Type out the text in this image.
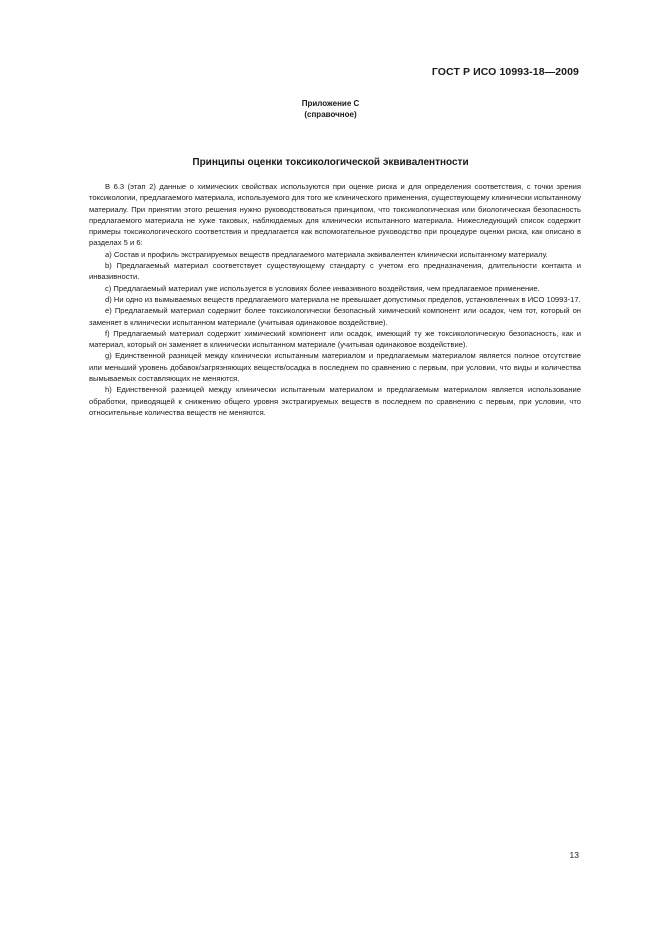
ГОСТ Р ИСО 10993-18—2009
Приложение С
(справочное)
Принципы оценки токсикологической эквивалентности

В 6.3 (этап 2) данные о химических свойствах используются при оценке риска и для определения соответствия, с точки зрения токсикологии, предлагаемого материала, используемого для того же клинического применения, существующему клинически испытанному материалу. При принятии этого решения нужно руководствоваться принципом, что токсикологическая или биологическая безопасность предлагаемого материала не хуже таковых, наблюдаемых для клинически испытанного материала. Нижеследующий список содержит примеры токсикологического соответствия и предлагается как вспомогательное руководство при процедуре оценки риска, как описано в разделах 5 и 6:

a) Состав и профиль экстрагируемых веществ предлагаемого материала эквивалентен клинически испытанному материалу.

b) Предлагаемый материал соответствует существующему стандарту с учетом его предназначения, длительности контакта и инвазивности.

c) Предлагаемый материал уже используется в условиях более инвазивного воздействия, чем предлагаемое применение.

d) Ни одно из вымываемых веществ предлагаемого материала не превышает допустимых пределов, установленных в ИСО 10993-17.

e) Предлагаемый материал содержит более токсикологически безопасный химический компонент или осадок, чем тот, который он заменяет в клинически испытанном материале (учитывая одинаковое воздействие).

f) Предлагаемый материал содержит химический компонент или осадок, имеющий ту же токсикологическую безопасность, как и материал, который он заменяет в клинически испытанном материале (учитывая одинаковое воздействие).

g) Единственной разницей между клинически испытанным материалом и предлагаемым материалом является полное отсутствие или меньший уровень добавок/загрязняющих веществ/осадка в последнем по сравнению с первым, при условии, что виды и количества вымываемых составляющих не меняются.

h) Единственной разницей между клинически испытанным материалом и предлагаемым материалом является использование обработки, приводящей к снижению общего уровня экстрагируемых веществ в последнем по сравнению с первым, при условии, что относительные количества веществ не меняются.

13
